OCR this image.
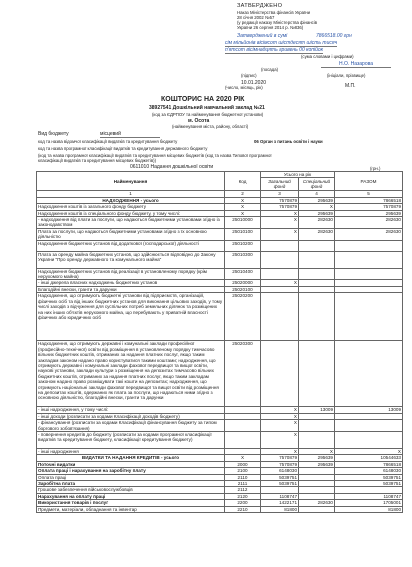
ЗАТВЕРДЖЕНО
Наказ Міністерства фінансів України
28 січня 2002 №57
(у редакції наказу Міністерства фінансів
України 26 серпня 2014 р. №836)
Затверджений в сумі	7866518.00 грн
сім мільйонів вісімсот шістдесят шість тисяч
п'ятсот вісімнадцять гривень 00 копійок
(сума словами і цифрами)
Н.О. Назарова
(посада)
(підпис)	(ініціали, прізвище)
10.01.2020
(число, місяць, рік)	М.П.
КОШТОРИС НА 2020 РІК
38927541 Дошкільний навчальний заклад №21
(код за ЄДРПОУ та найменування бюджетної установи)
м. Осота
(найменування міста, району, області)
Вид бюджету	місцевий
код та назва відомчої класифікації видатків та кредитування бюджету	06 Орган з питань освіти і науки
код та назва програмної класифікації видатків та кредитування державного бюджету
(код та назва програмної класифікації видатків та кредитування місцевих бюджетів (код та назва Типової програмної
класифікації видатків та кредитування місцевих бюджетів))
0611010 Надання дошкільної освіти	(грн.)
Найменування	Код	Усього на рік		РАЗОМ
		Загальний фонд	Спеціальний фонд	
1	2	3	4	5
НАДХОДЖЕННЯ - усього	Х	7570879	295639	7866518
Надходження коштів із загального фонду бюджету	Х	7570879	Х	7570879
Надходження коштів із спеціального фонду бюджету, у тому числі:	Х	Х	295639	295639
- надходження від плати за послуги, що надаються бюджетними установами згідно із законодавством	25010000	Х	282630	282630
Плата за послуги, що надаються бюджетними установами згідно з їх основною діяльністю	25010100	Х	282630	282630
Надходження бюджетних установ від додаткової (господарської) діяльності	25010200			
Плата за оренду майна бюджетних установ, що здійснюється відповідно до Закону України "Про оренду державного та комунального майна"	25010300			
Надходження бюджетних установ від реалізації в установленому порядку (крім нерухомого майна)	25010400			
- інші джерела власних надходжень бюджетних установ	25020000	Х		
Благодійні внески, гранти та дарунки	25020100			
Надходження, що отримують бюджетні установи від підприємств, організацій, фізичних осіб та від інших бюджетних установ для виконання цільових заходів, у тому числі заходів з відчуження для суспільних потреб земельних ділянок та розміщених на них інших об'єктів нерухомого майна, що перебувають у приватній власності фізичних або юридичних осіб	25020200			
Надходження, що отримують державні і комунальні заклади професійної (професійно-технічної) освіти від розміщення в установленому порядку тимчасово вільних бюджетних коштів, отриманих за надання платних послуг, якщо таким закладам законом надано право користуватися такими коштами; надходження, що отримують державні і комунальні заклади фахової передвищої та вищої освіти, наукові установи, заклади культури з розміщення на депозитах тимчасово вільних бюджетних коштів, отриманих за надання платних послуг, якщо таким закладам законом надано право розміщувати такі кошти на депозитах; надходження, що отримують національні заклади фахової передвищої та вищої освіти від розміщення на депозитах коштів, одержаних як плата за послуги, що надаються ними згідно з основною діяльністю, благодійні внески, гранти та дарунки	25020300			
- інші надходження, у тому числі:		Х	13009	13009
- інші доходи (розписати за кодами Класифікації доходів бюджету)		Х		
- фінансування (розписати за кодами Класифікації фінансування бюджету за типом боргового зобов'язання)		Х		
- повернення кредитів до бюджету (розписати за кодами програмної класифікації видатків та кредитування бюджету, класифікації кредитування бюджету)		Х		
- інші надходження		Х	Х	Х
ВИДАТКИ ТА НАДАННЯ КРЕДИТІВ - усього	Х	7570879	295639	10544633
Поточні видатки	2000	7570879	295639	7866518
Оплата праці і нарахування на заробітну плату	2100	6148030		6148030
Оплата праці	2110	5039751		5039751
Заробітна плата	2111	5039751		5039751
Грошове забезпечення військовослужбовців	2112			
Нарахування на оплату праці	2120	1108747		1108747
Використання товарів і послуг	2200	1422171	282630	1705001
Предмети, матеріали, обладнання та інвентар	2210	81800		81800
